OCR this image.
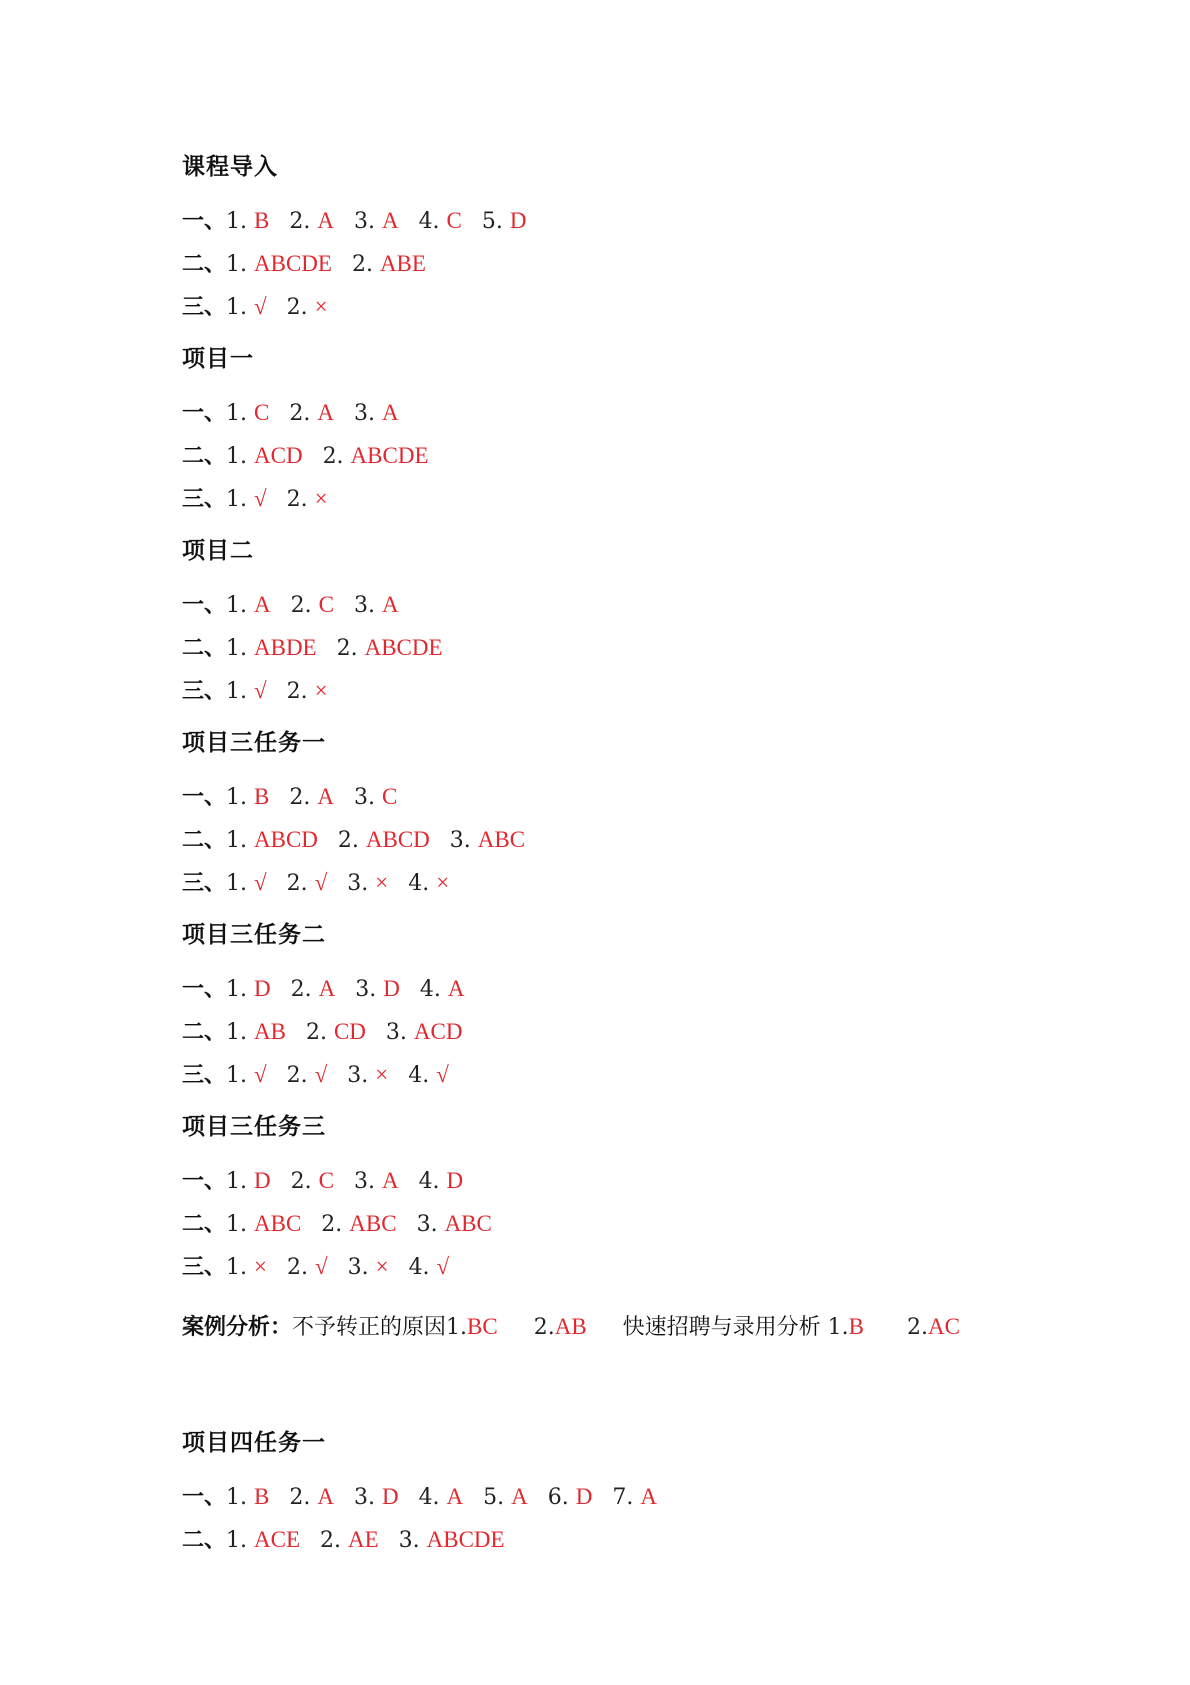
课程导入
一、1. B 2. A 3. A 4. C 5. D
二、1. ABCDE 2. ABE
三、1. √ 2. ×
项目一
一、1. C 2. A 3. A
二、1. ACD 2. ABCDE
三、1. √ 2. ×
项目二
一、1. A 2. C 3. A
二、1. ABDE 2. ABCDE
三、1. √ 2. ×
项目三任务一
一、1. B 2. A 3. C
二、1. ABCD 2. ABCD 3. ABC
三、1. √ 2. √ 3. × 4. ×
项目三任务二
一、1. D 2. A 3. D 4. A
二、1. AB 2. CD 3. ACD
三、1. √ 2. √ 3. × 4. √
项目三任务三
一、1. D 2. C 3. A 4. D
二、1. ABC 2. ABC 3. ABC
三、1. × 2. √ 3. × 4. √
案例分析：不予转正的原因1.BC 2.AB 快速招聘与录用分析 1.B 2.AC
项目四任务一
一、1. B 2. A 3. D 4. A 5. A 6. D 7. A
二、1. ACE 2. AE 3. ABCDE
